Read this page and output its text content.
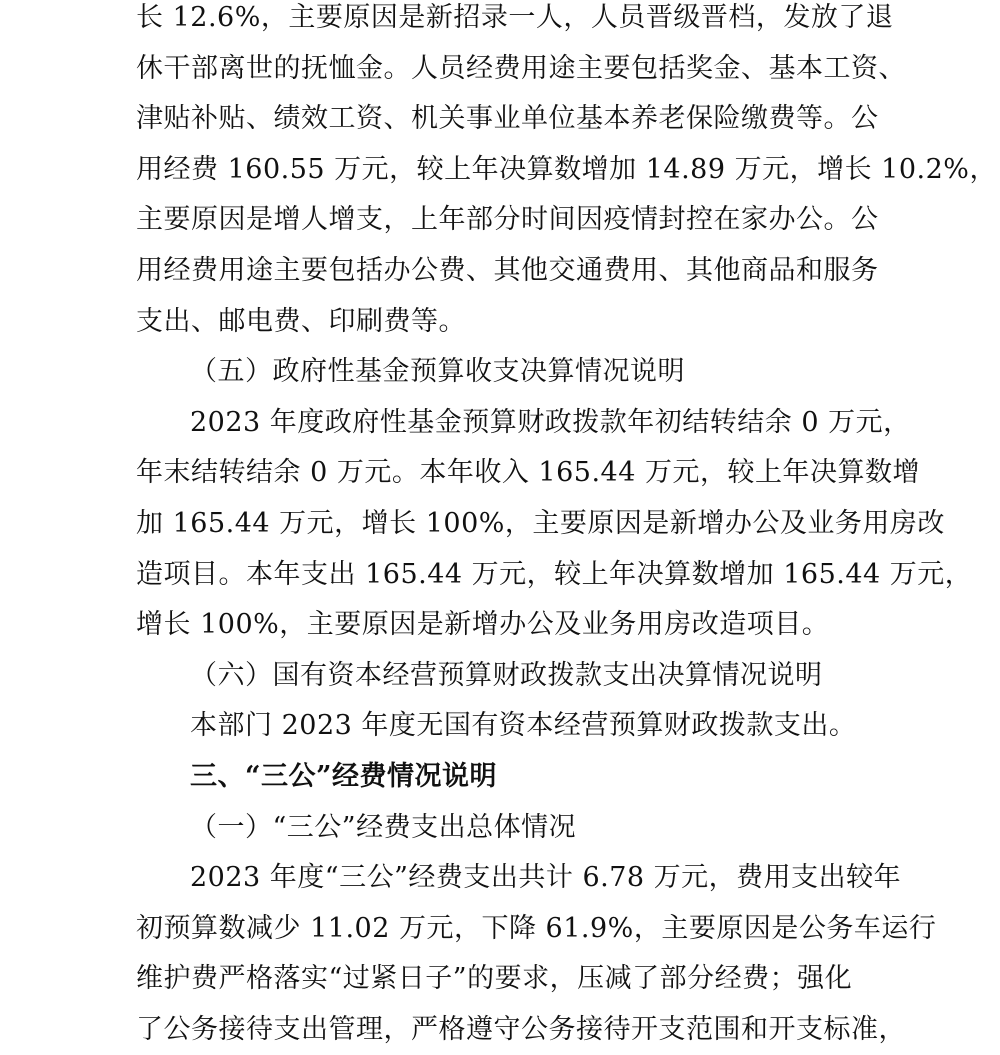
长 12.6%，主要原因是新招录一人，人员晋级晋档，发放了退
休干部离世的抚恤金。人员经费用途主要包括奖金、基本工资、
津贴补贴、绩效工资、机关事业单位基本养老保险缴费等。公
用经费 160.55 万元，较上年决算数增加 14.89 万元，增长 10.2%，
主要原因是增人增支，上年部分时间因疫情封控在家办公。公
用经费用途主要包括办公费、其他交通费用、其他商品和服务
支出、邮电费、印刷费等。
（五）政府性基金预算收支决算情况说明
2023 年度政府性基金预算财政拨款年初结转结余 0 万元，
年末结转结余 0 万元。本年收入 165.44 万元，较上年决算数增
加 165.44 万元，增长 100%，主要原因是新增办公及业务用房改
造项目。本年支出 165.44 万元，较上年决算数增加 165.44 万元，
增长 100%，主要原因是新增办公及业务用房改造项目。
（六）国有资本经营预算财政拨款支出决算情况说明
本部门 2023 年度无国有资本经营预算财政拨款支出。
三、“三公”经费情况说明
（一）“三公”经费支出总体情况
2023 年度“三公”经费支出共计 6.78 万元，费用支出较年
初预算数减少 11.02 万元，下降 61.9%，主要原因是公务车运行
维护费严格落实“过紧日子”的要求，压减了部分经费；强化
了公务接待支出管理，严格遵守公务接待开支范围和开支标准，
